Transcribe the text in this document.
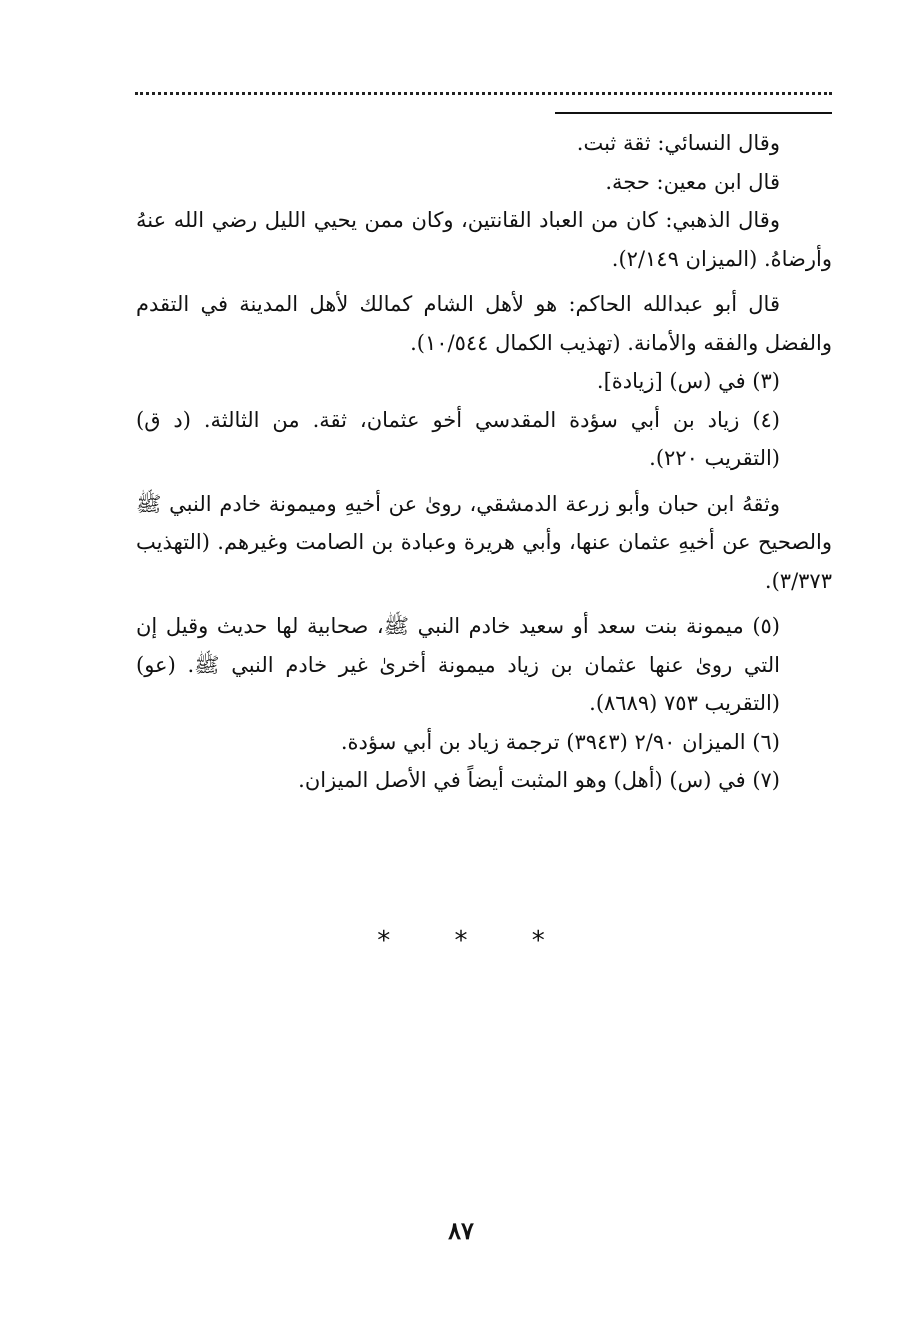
وقال النسائي: ثقة ثبت.

قال ابن معين: حجة.

وقال الذهبي: كان من العباد القانتين، وكان ممن يحيي الليل رضي الله عنهُ وأرضاهُ. (الميزان ٢/١٤٩).

قال أبو عبدالله الحاكم: هو لأهل الشام كمالك لأهل المدينة في التقدم والفضل والفقه والأمانة. (تهذيب الكمال ١٠/٥٤٤).

(٣) في (س) [زيادة].

(٤) زياد بن أبي سؤدة المقدسي أخو عثمان، ثقة. من الثالثة. (د ق) (التقريب ٢٢٠).

وثقهُ ابن حبان وأبو زرعة الدمشقي، روىٰ عن أخيهِ وميمونة خادم النبي ﷺ والصحيح عن أخيهِ عثمان عنها، وأبي هريرة وعبادة بن الصامت وغيرهم. (التهذيب ٣/٣٧٣).

(٥) ميمونة بنت سعد أو سعيد خادم النبي ﷺ، صحابية لها حديث وقيل إن التي روىٰ عنها عثمان بن زياد ميمونة أخرىٰ غير خادم النبي ﷺ. (عو) (التقريب ٧٥٣ (٨٦٨٩).

(٦) الميزان ٢/٩٠ (٣٩٤٣) ترجمة زياد بن أبي سؤدة.

(٧) في (س) (أهل) وهو المثبت أيضاً في الأصل الميزان.

* * *
٨٧
